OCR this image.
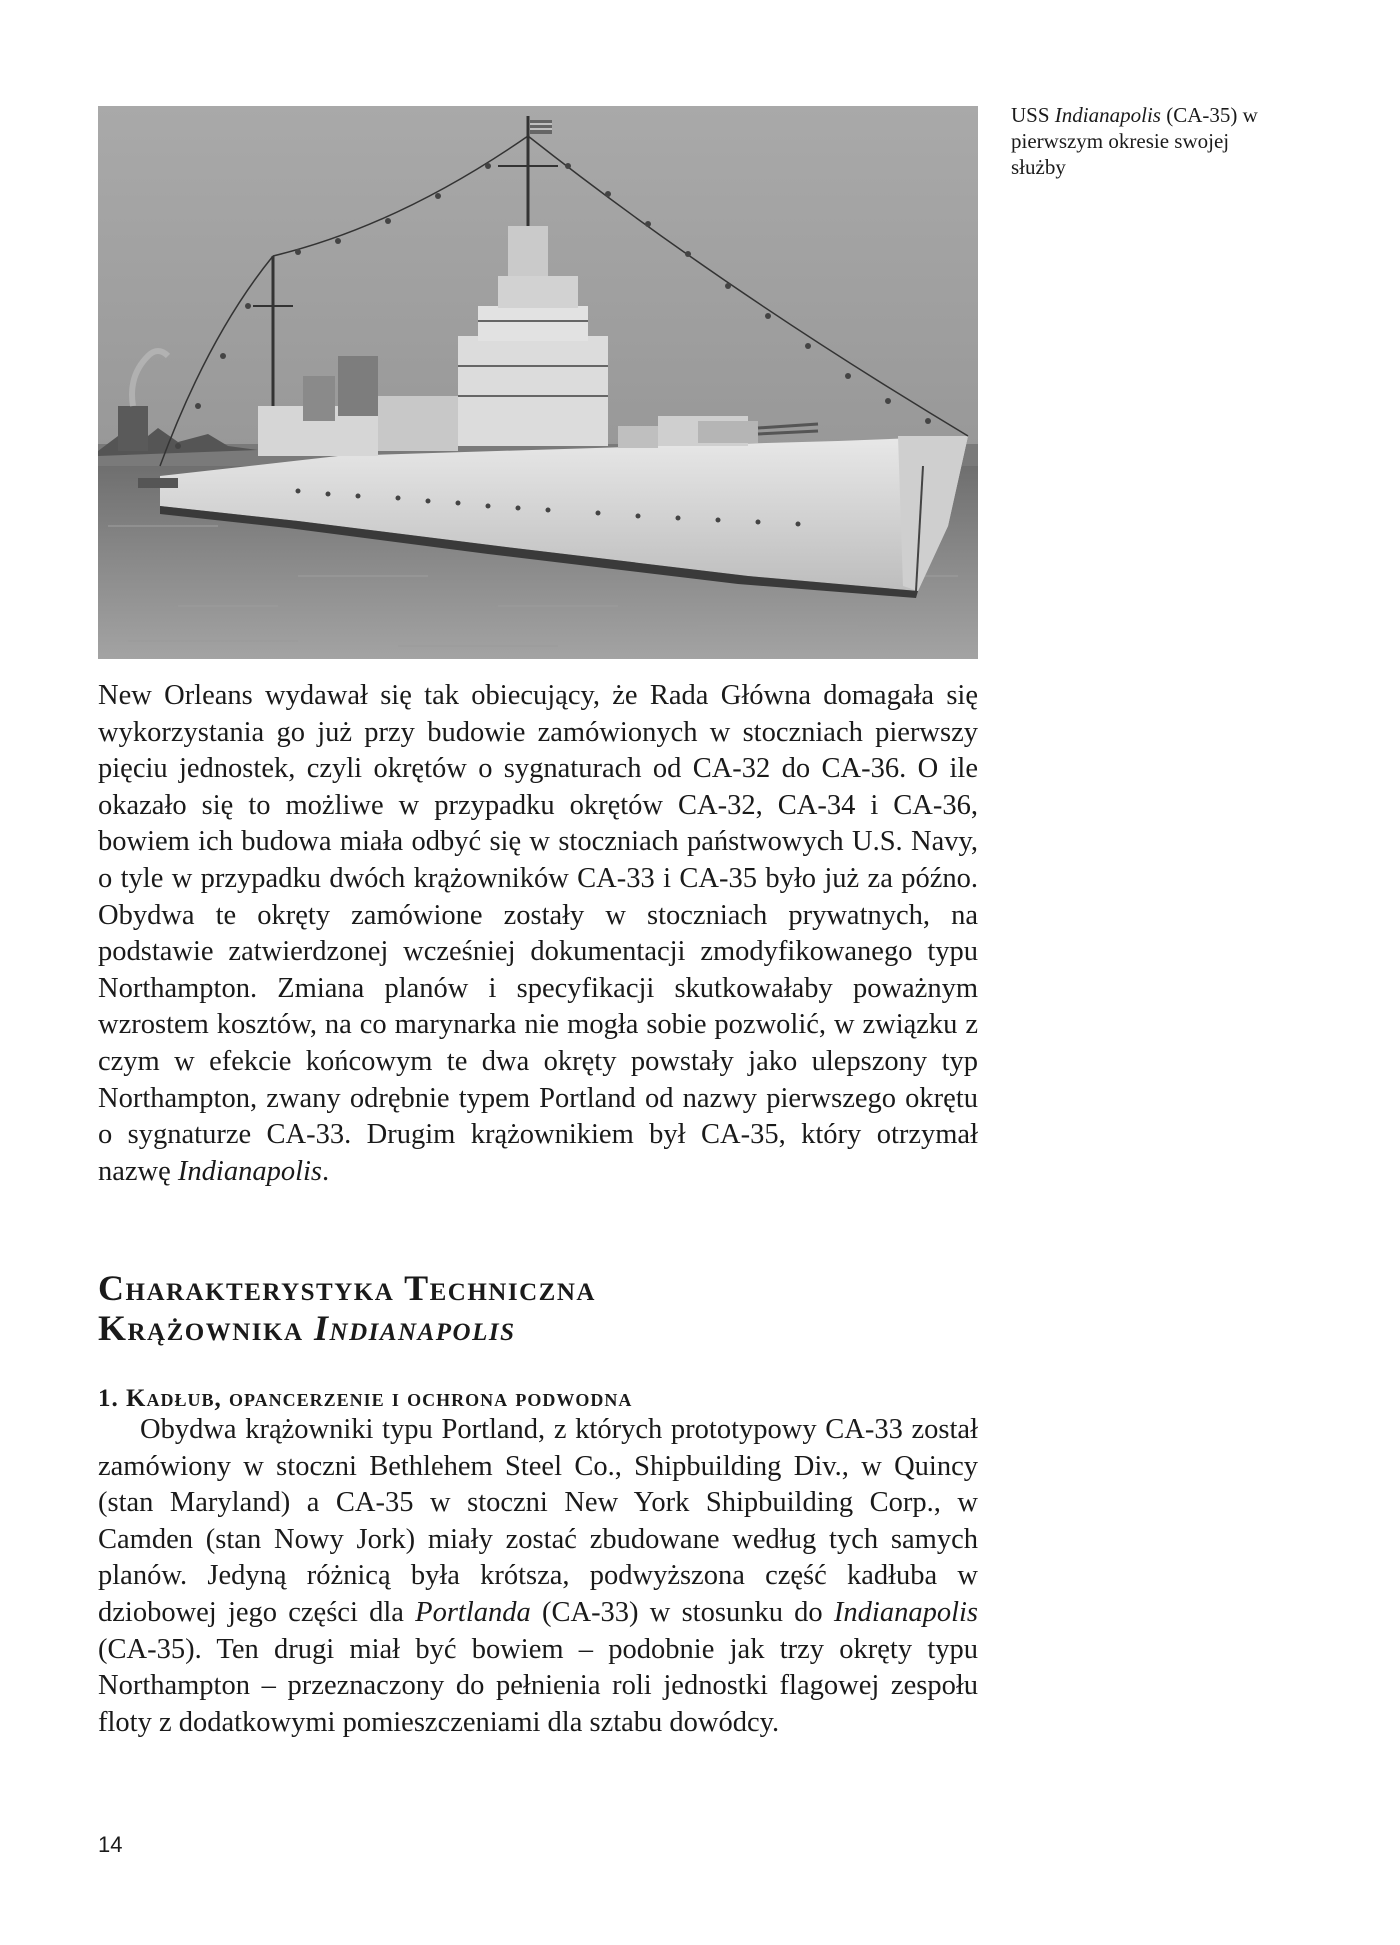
USS Indianapolis (CA-35) w pierwszym okresie swojej służby
New Orleans wydawał się tak obiecujący, że Rada Główna domagała się wykorzystania go już przy budowie zamówionych w stoczniach pierwszy pięciu jednostek, czyli okrętów o sygnaturach od CA-32 do CA-36. O ile okazało się to możliwe w przypadku okrętów CA-32, CA-34 i CA-36, bowiem ich budowa miała odbyć się w stoczniach państwowych U.S. Navy, o tyle w przypadku dwóch krążowników CA-33 i CA-35 było już za późno. Obydwa te okręty zamówione zostały w stoczniach prywatnych, na podstawie zatwierdzonej wcześniej dokumentacji zmodyfikowanego typu Northampton. Zmiana planów i specyfikacji skutkowałaby poważnym wzrostem kosztów, na co marynarka nie mogła sobie pozwolić, w związku z czym w efekcie końcowym te dwa okręty powstały jako ulepszony typ Northampton, zwany odrębnie typem Portland od nazwy pierwszego okrętu o sygnaturze CA-33. Drugim krążownikiem był CA-35, który otrzymał nazwę Indianapolis.
Charakterystyka Techniczna
Krążownika Indianapolis
1. Kadłub, opancerzenie i ochrona podwodna
Obydwa krążowniki typu Portland, z których prototypowy CA-33 został zamówiony w stoczni Bethlehem Steel Co., Shipbuilding Div., w Quincy (stan Maryland) a CA-35 w stoczni New York Shipbuilding Corp., w Camden (stan Nowy Jork) miały zostać zbudowane według tych samych planów. Jedyną różnicą była krótsza, podwyższona część kadłuba w dziobowej jego części dla Portlanda (CA-33) w stosunku do Indianapolis (CA-35). Ten drugi miał być bowiem – podobnie jak trzy okręty typu Northampton – przeznaczony do pełnienia roli jednostki flagowej zespołu floty z dodatkowymi pomieszczeniami dla sztabu dowódcy.
14
